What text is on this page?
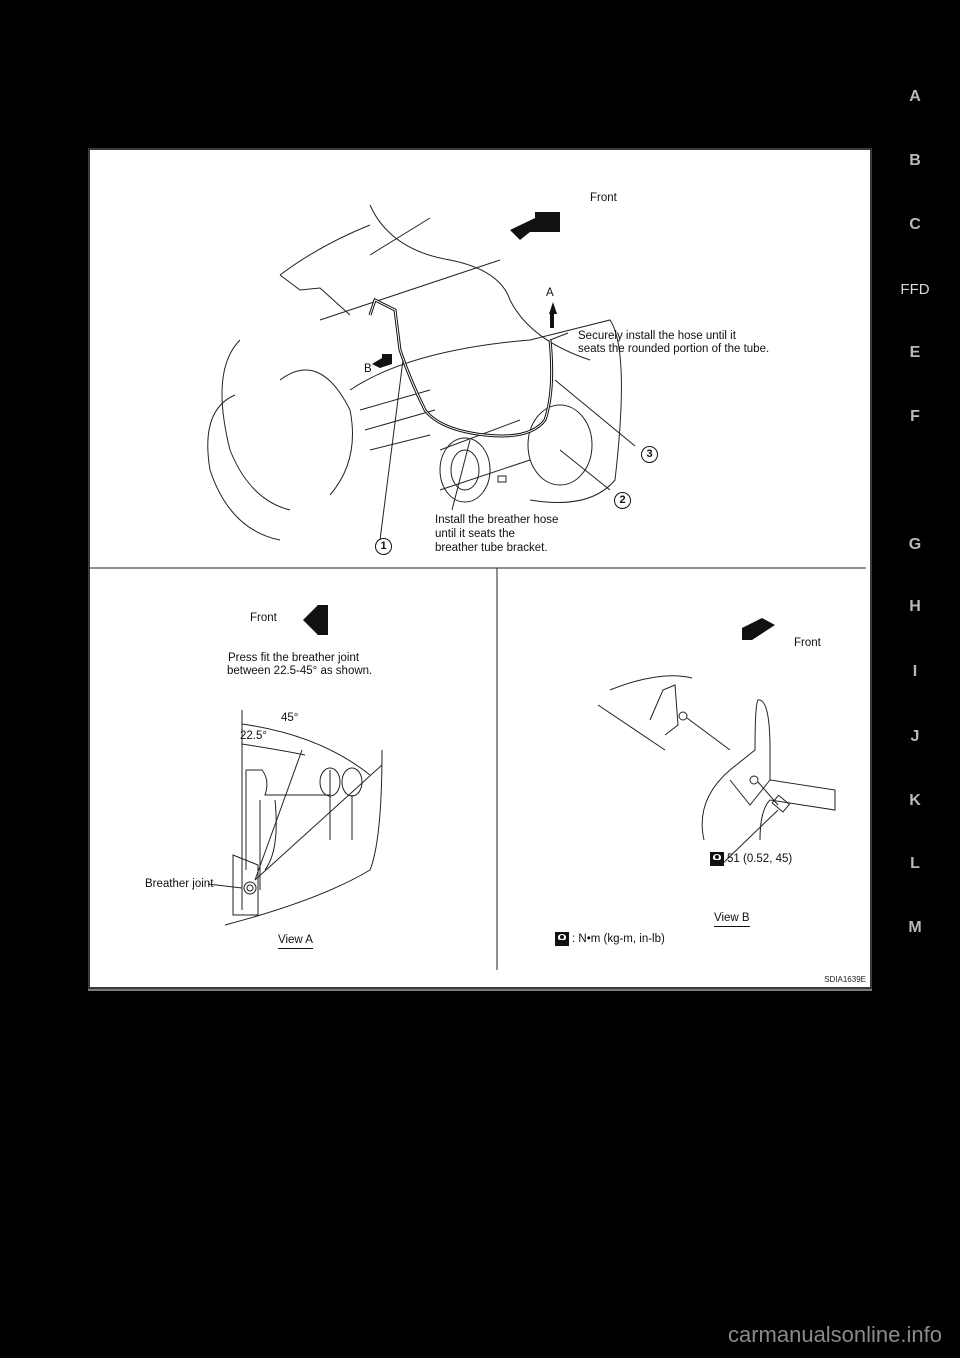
A
B
C
FFD
E
F
G
H
I
J
K
L
M
SDIA1639E
Front
A
B
Securely install the hose until it
seats the rounded portion of the tube.
Install the breather hose
until it seats the
breather tube bracket.
1
2
3
Front
Press fit the breather joint
between 22.5-45° as shown.
45°
22.5°
Breather joint
View A
Front
51 (0.52, 45)
View B
: N•m (kg-m, in-lb)
carmanualsonline.info
